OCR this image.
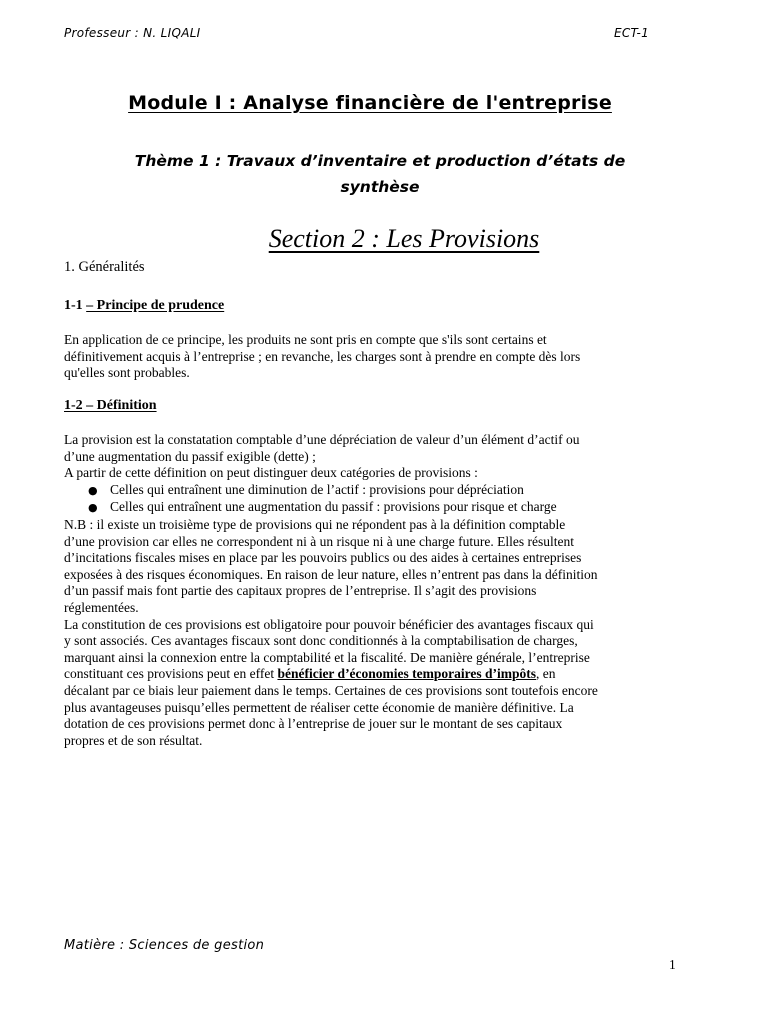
Professeur : N. LIQALI	ECT-1
Module I : Analyse financière de l'entreprise
Thème 1 : Travaux d’inventaire et production d’états de
synthèse
Section 2 : Les Provisions
1. Généralités
1-1 – Principe de prudence
En application de ce principe, les produits ne sont pris en compte que s'ils sont certains et
définitivement acquis à l’entreprise ; en revanche, les charges sont à prendre en compte dès lors
qu'elles sont probables.
1-2 – Définition
La provision est la constatation comptable d’une dépréciation de valeur d’un élément d’actif ou
d’une augmentation du passif exigible (dette) ;
A partir de cette définition on peut distinguer deux catégories de provisions :
● Celles qui entraînent une diminution de l’actif : provisions pour dépréciation
● Celles qui entraînent une augmentation du passif : provisions pour risque et charge
N.B : il existe un troisième type de provisions qui ne répondent pas à la définition comptable
d’une provision car elles ne correspondent ni à un risque ni à une charge future. Elles résultent
d’incitations fiscales mises en place par les pouvoirs publics ou des aides à certaines entreprises
exposées à des risques économiques. En raison de leur nature, elles n’entrent pas dans la définition
d’un passif mais font partie des capitaux propres de l’entreprise. Il s’agit des provisions
réglementées.
La constitution de ces provisions est obligatoire pour pouvoir bénéficier des avantages fiscaux qui
y sont associés. Ces avantages fiscaux sont donc conditionnés à la comptabilisation de charges,
marquant ainsi la connexion entre la comptabilité et la fiscalité. De manière générale, l’entreprise
constituant ces provisions peut en effet bénéficier d’économies temporaires d’impôts, en
décalant par ce biais leur paiement dans le temps. Certaines de ces provisions sont toutefois encore
plus avantageuses puisqu’elles permettent de réaliser cette économie de manière définitive. La
dotation de ces provisions permet donc à l’entreprise de jouer sur le montant de ses capitaux
propres et de son résultat.
Matière : Sciences de gestion
1
